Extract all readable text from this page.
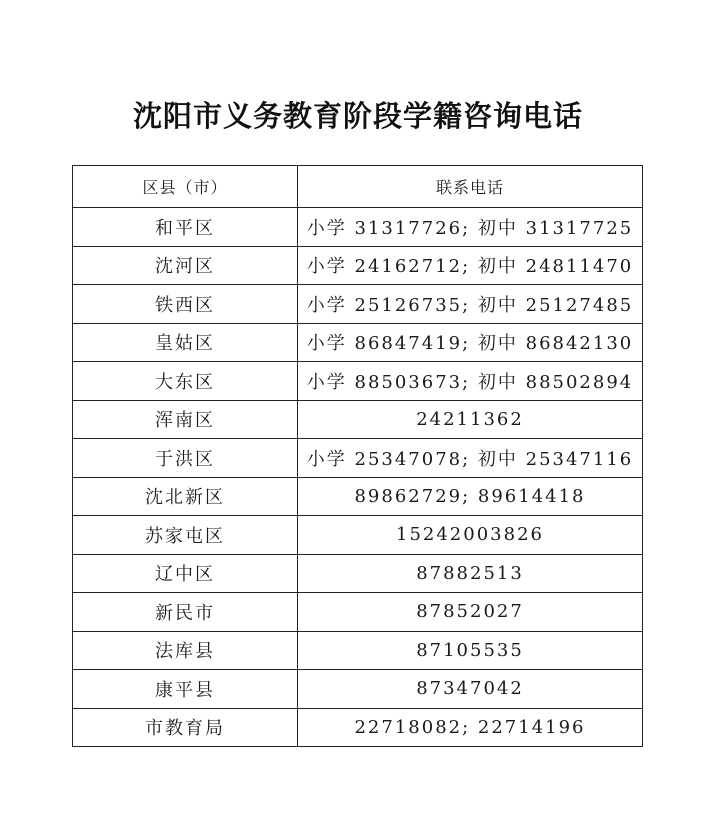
沈阳市义务教育阶段学籍咨询电话
区县（市）	联系电话
和平区	小学 31317726; 初中 31317725
沈河区	小学 24162712; 初中 24811470
铁西区	小学 25126735; 初中 25127485
皇姑区	小学 86847419; 初中 86842130
大东区	小学 88503673; 初中 88502894
浑南区	24211362
于洪区	小学 25347078; 初中 25347116
沈北新区	89862729; 89614418
苏家屯区	15242003826
辽中区	87882513
新民市	87852027
法库县	87105535
康平县	87347042
市教育局	22718082; 22714196
